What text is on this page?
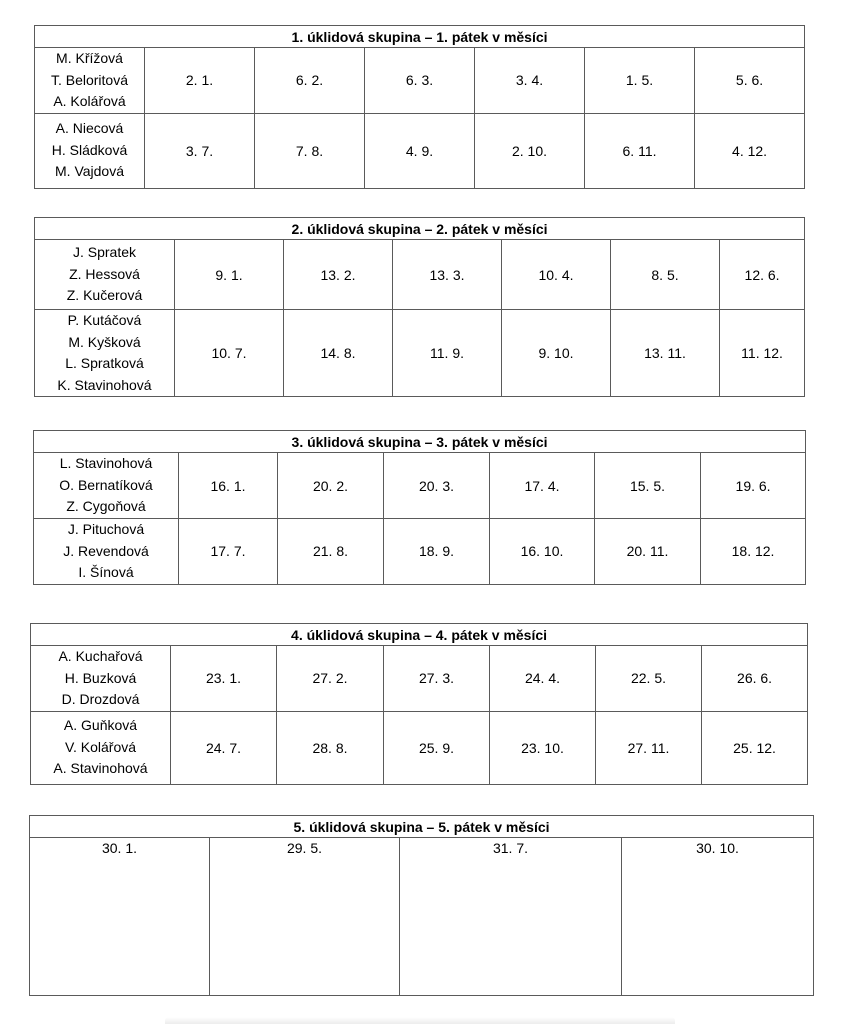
1. úklidová skupina – 1. pátek v měsíci						

M. Křížová
T. Beloritová
A. Kolářová	2. 1.	6. 2.	6. 3.	3. 4.	1. 5.	5. 6.

A. Niecová
H. Sládková
M. Vajdová	3. 7.	7. 8.	4. 9.	2. 10.	6. 11.	4. 12.
2. úklidová skupina – 2. pátek v měsíci						

J. Spratek
Z. Hessová
Z. Kučerová	9. 1.	13. 2.	13. 3.	10. 4.	8. 5.	12. 6.

P. Kutáčová
M. Kyšková
L. Spratková
K. Stavinohová	10. 7.	14. 8.	11. 9.	9. 10.	13. 11.	11. 12.
3. úklidová skupina – 3. pátek v měsíci						

L. Stavinohová
O. Bernatíková
Z. Cygoňová	16. 1.	20. 2.	20. 3.	17. 4.	15. 5.	19. 6.

J. Pituchová
J. Revendová
I. Šínová	17. 7.	21. 8.	18. 9.	16. 10.	20. 11.	18. 12.
4. úklidová skupina – 4. pátek v měsíci						

A. Kuchařová
H. Buzková
D. Drozdová	23. 1.	27. 2.	27. 3.	24. 4.	22. 5.	26. 6.

A. Guňková
V. Kolářová
A. Stavinohová	24. 7.	28. 8.	25. 9.	23. 10.	27. 11.	25. 12.
5. úklidová skupina – 5. pátek v měsíci
30. 1.	29. 5.	31. 7.	30. 10.
